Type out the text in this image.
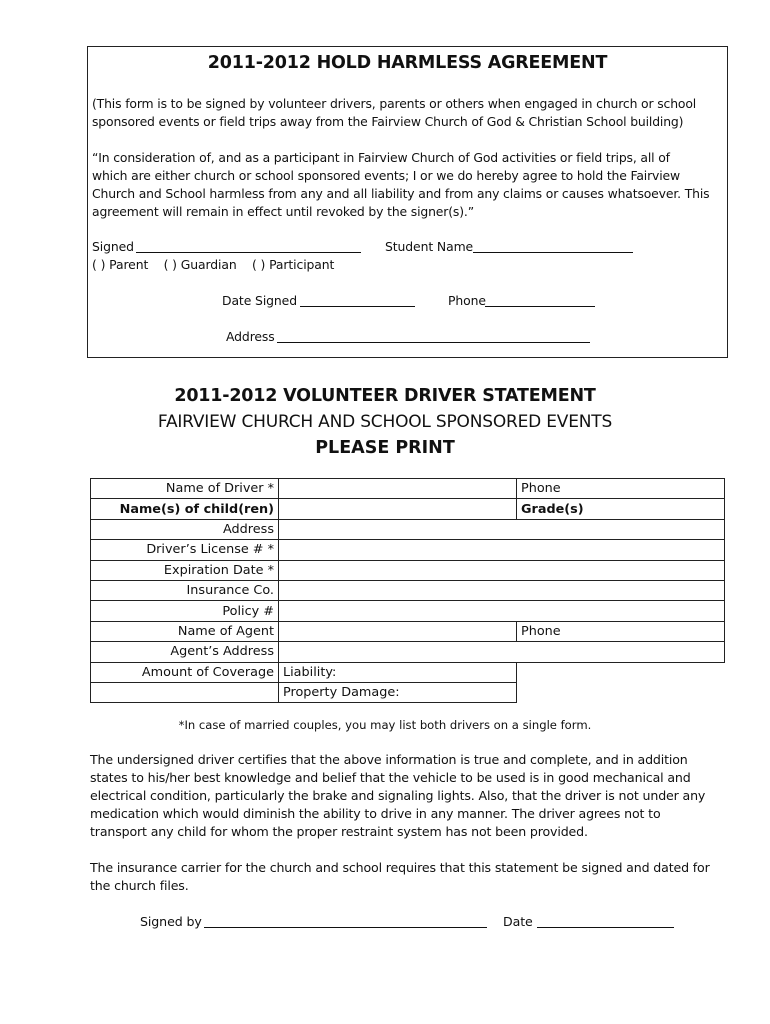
2011-2012 HOLD HARMLESS AGREEMENT
(This form is to be signed by volunteer drivers, parents or others when engaged in church or school
sponsored events or field trips away from the Fairview Church of God & Christian School building)
“In consideration of, and as a participant in Fairview Church of God activities or field trips, all of
which are either church or school sponsored events; I or we do hereby agree to hold the Fairview
Church and School harmless from any and all liability and from any claims or causes whatsoever. This
agreement will remain in effect until revoked by the signer(s).”
Signed	Student Name
( ) Parent    ( ) Guardian    ( ) Participant
Date Signed	Phone
Address
2011-2012 VOLUNTEER DRIVER STATEMENT
FAIRVIEW CHURCH AND SCHOOL SPONSORED EVENTS
PLEASE PRINT
Name of Driver *		Phone
Name(s) of child(ren)		Grade(s)
Address		
Driver’s License # *		
Expiration Date *		
Insurance Co.		
Policy #		
Name of Agent		Phone
Agent’s Address		
Amount of Coverage	Liability:	
	Property Damage:	
*In case of married couples, you may list both drivers on a single form.
The undersigned driver certifies that the above information is true and complete, and in addition
states to his/her best knowledge and belief that the vehicle to be used is in good mechanical and
electrical condition, particularly the brake and signaling lights. Also, that the driver is not under any
medication which would diminish the ability to drive in any manner. The driver agrees not to
transport any child for whom the proper restraint system has not been provided.
The insurance carrier for the church and school requires that this statement be signed and dated for
the church files.
Signed by	Date
